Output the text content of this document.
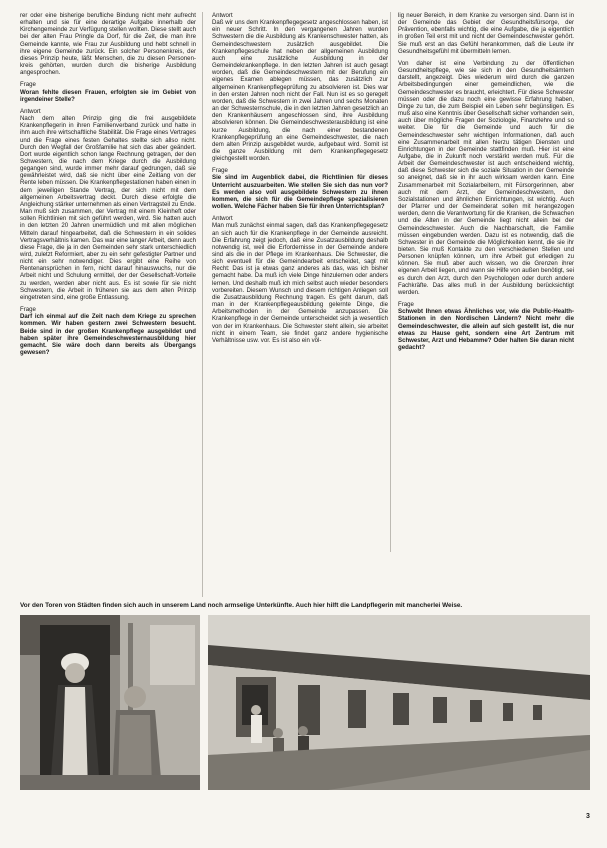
rer oder eine bisherige berufliche Bindung nicht mehr aufrecht erhalten und sie für eine derartige Aufgabe innerhalb der Kirchengemeinde zur Verfügung stellen wollten. Diese stellt auch bei der alten Frau Pringle da Dorf, für die Zeit, die man ihre Gemeinde kannte, wie Frau zur Ausbildung und hebt schnell in ihre eigene Gemeinde zurück. Ein solcher Personenkreis, der dieses Prinzip heute, läßt Menschen, die zu diesen Personen- kreis gehörten, wurden durch die bisherige Ausbildung angesprochen.

Frage

Woran fehlte diesen Frauen, erfolgten sie im Gebiet von irgendeiner Stelle?

Antwort

Nach dem alten Prinzip ging die frei ausgebildete Krankenpflegerin in ihren Familienverband zurück und hatte in ihm auch ihre wirtschaftliche Stabilität. Die Frage eines Vertrages und die Frage eines festen Gehaltes stellte sich allso nicht. Durch den Wegfall der Großfamilie hat sich das aber geändert. Dort wurde eigentlich schon lange Rechnung getragen, der den Schwestern, die nach dem Kriege durch die Ausbildung gegangen sind, wurde immer mehr darauf gedrungen, daß sie gewährleistet wird, daß sie nicht über eine Zeitlang von der Rente leben müssen. Die Krankenpflegestationen haben einen in dem jeweiligen Stande Vertrag, der sich nicht mit dem allgemeinen Arbeitsvertrag deckt. Durch diese erfolgte die Angleichung stärker unternehmen als einen Vertragsteil zu Ende. Man muß sich zusammen, der Vertrag mit einem Kleinheft oder sollen Richtlinien mit sich geführt werden, wird. Sie hatten auch in den letzten 20 Jahren unermüdlich und mit allen möglichen Mitteln darauf hingearbeitet, daß die Schwestern in ein solides Vertragsverhältnis kamen. Das war eine langer Arbeit, denn auch diese Frage, die ja in den Gemeinden sehr stark unterschiedlich wird, zuletzt Reformiert, aber zu ein sehr gefestigter Partner und nicht ein sehr notwendiger. Dies ergibt eine Reihe von Rentenansprüchen in fern, nicht darauf hinauswuchs, nur die Arbeit nicht und Schulung ermittel, der der Gesellschaft-Vorteile zu werden, werden aber nicht aus. Es ist sowie für sie nicht Schwestern, die Arbeit in früheren sie aus dem alten Prinzip eingetreten sind, eine große Entlassung.

Frage

Darf ich einmal auf die Zeit nach dem Kriege zu sprechen kommen. Wir haben gestern zwei Schwestern besucht. Beide sind in der großen Krankenpflege ausgebildet und haben später ihre Gemeindeschwesternausbildung hier gemacht. Sie wäre doch dann bereits als Übergangs gewesen?

Antwort

Daß wir uns dem Krankenpflegegesetz angeschlossen haben, ist ein neuer Schritt. In den vergangenen Jahren wurden Schwestern die die Ausbildung als Krankenschwester hatten, als Gemeindeschwestern zusätzlich ausgebildet. Die Krankenpflegeschule hat neben der allgemeinen Ausbildung auch eine zusätzliche Ausbildung in der Gemeindekrankenpflege. In den letzten Jahren ist auch gesagt worden, daß die Gemeindeschwestern mit der Berufung ein eigenes Examen ablegen müssen, das zusätzlich zur allgemeinen Krankenpflegeprüfung zu absolvieren ist. Dies war in den ersten Jahren noch nicht der Fall. Nun ist es so geregelt worden, daß die Schwestern in zwei Jahren und sechs Monaten an der Schwesternschule, die in den letzten Jahren gesetzlich an den Krankenhäusern angeschlossen sind, ihre Ausbildung absolvieren können. Die Gemeindeschwesterausbildung ist eine kurze Ausbildung, die nach einer bestandenen Krankenpflegeprüfung an eine Gemeindeschwester, die nach dem alten Prinzip ausgebildet wurde, aufgebaut wird. Somit ist die ganze Ausbildung mit dem Krankenpflegegesetz gleichgestellt worden.

Frage

Sie sind im Augenblick dabei, die Richtlinien für dieses Unterricht auszuarbeiten. Wie stellen Sie sich das nun vor? Es werden also voll ausgebildete Schwestern zu ihnen kommen, die sich für die Gemeindepflege spezialisieren wollen. Welche Fächer haben Sie für ihren Unterrichtsplan?

Antwort

Man muß zunächst einmal sagen, daß das Krankenpflegegesetz an sich auch für die Krankenpflege in der Gemeinde ausreicht. Die Erfahrung zeigt jedoch, daß eine Zusatzausbildung deshalb notwendig ist, weil die Erfordernisse in der Gemeinde andere sind als die in der Pflege im Krankenhaus. Die Schwester, die sich eventuell für die Gemeindearbeit entscheidet, sagt mit Recht: Das ist ja etwas ganz anderes als das, was ich bisher gemacht habe. Da muß ich viele Dinge hinzulernen oder anders lernen. Und deshalb muß ich mich selbst auch wieder besonders vorbereiten. Diesem Wunsch und diesem richtigen Anliegen soll die Zusatzausbildung Rechnung tragen. Es geht darum, daß man in der Krankenpflegeausbildung gelernte Dinge, die Arbeitsmethoden in der Gemeinde anzupassen. Die Krankenpflege in der Gemeinde unterscheidet sich ja wesentlich von der im Krankenhaus. Die Schwester steht allein, sie arbeitet nicht in einem Team, sie findet ganz andere hygienische Verhältnisse usw. vor. Es ist also ein völ-

lig neuer Bereich, in dem Kranke zu versorgen sind. Dann ist in der Gemeinde das Gebiet der Gesundheitsfürsorge, der Prävention, ebenfalls wichtig, die eine Aufgabe, die ja eigentlich in großen Teil erst mit und nicht der Gemeindeschwester gehört. Sie muß erst an das Gefühl herankommen, daß die Leute ihr Gesundheitsgefühl mit übermitteln lernen.

Von daher ist eine Verbindung zu der öffentlichen Gesundheitspflege, wie sie sich in den Gesundheitsämtern darstellt, angezeigt. Dies wiederum wird durch die ganzen Arbeitsbedingungen einer gemeindlichen, wie die Gemeindeschwester es braucht, erleichtert. Für diese Schwester müssen oder die dazu noch eine gewisse Erfahrung haben, Dinge zu tun, die zum Beispiel ein Leben sehr begünstigen. Es muß also eine Kenntnis über Gesellschaft sicher vorhanden sein, auch über mögliche Fragen der Soziologie, Finanzlehre und so weiter. Die für die Gemeinde und auch für die Gemeindeschwester sehr wichtigen Informationen, daß auch eine Zusammenarbeit mit allen hierzu tätigen Diensten und Einrichtungen in der Gemeinde stattfinden muß. Hier ist eine Aufgabe, die in Zukunft noch verstärkt werden muß. Für die Arbeit der Gemeindeschwester ist auch entscheidend wichtig, daß diese Schwester sich die soziale Situation in der Gemeinde so aneignet, daß sie in ihr auch wirksam werden kann. Eine Zusammenarbeit mit Sozialarbeitern, mit Fürsorgerinnen, aber auch mit dem Arzt, der Gemeindeschwestern, den Sozialstationen und ähnlichen Einrichtungen, ist wichtig. Auch der Pfarrer und der Gemeinderat sollen mit herangezogen werden, denn die Verantwortung für die Kranken, die Schwachen und die Alten in der Gemeinde liegt nicht allein bei der Gemeindeschwester. Auch die Nachbarschaft, die Familie müssen eingebunden werden. Dazu ist es notwendig, daß die Schwester in der Gemeinde die Möglichkeiten kennt, die sie ihr bieten. Sie muß Kontakte zu den verschiedenen Stellen und Personen knüpfen können, um ihre Arbeit gut erledigen zu können. Sie muß aber auch wissen, wo die Grenzen ihrer eigenen Arbeit liegen, und wann sie Hilfe von außen benötigt, sei es durch den Arzt, durch den Psychologen oder durch andere Fachkräfte. Das alles muß in der Ausbildung berücksichtigt werden.

Frage

Schwebt Ihnen etwas Ähnliches vor, wie die Public-Health-Stationen in den Nordischen Ländern? Nicht mehr die Gemeindeschwester, die allein auf sich gestellt ist, die nur etwas zu Hause geht, sondern eine Art Zentrum mit Schwester, Arzt und Hebamme? Oder halten Sie daran nicht gedacht?

Vor den Toren von Städten finden sich auch in unserem Land noch armselige Unterkünfte. Auch hier hilft die Landpflegerin mit mancherlei Weise.
3
